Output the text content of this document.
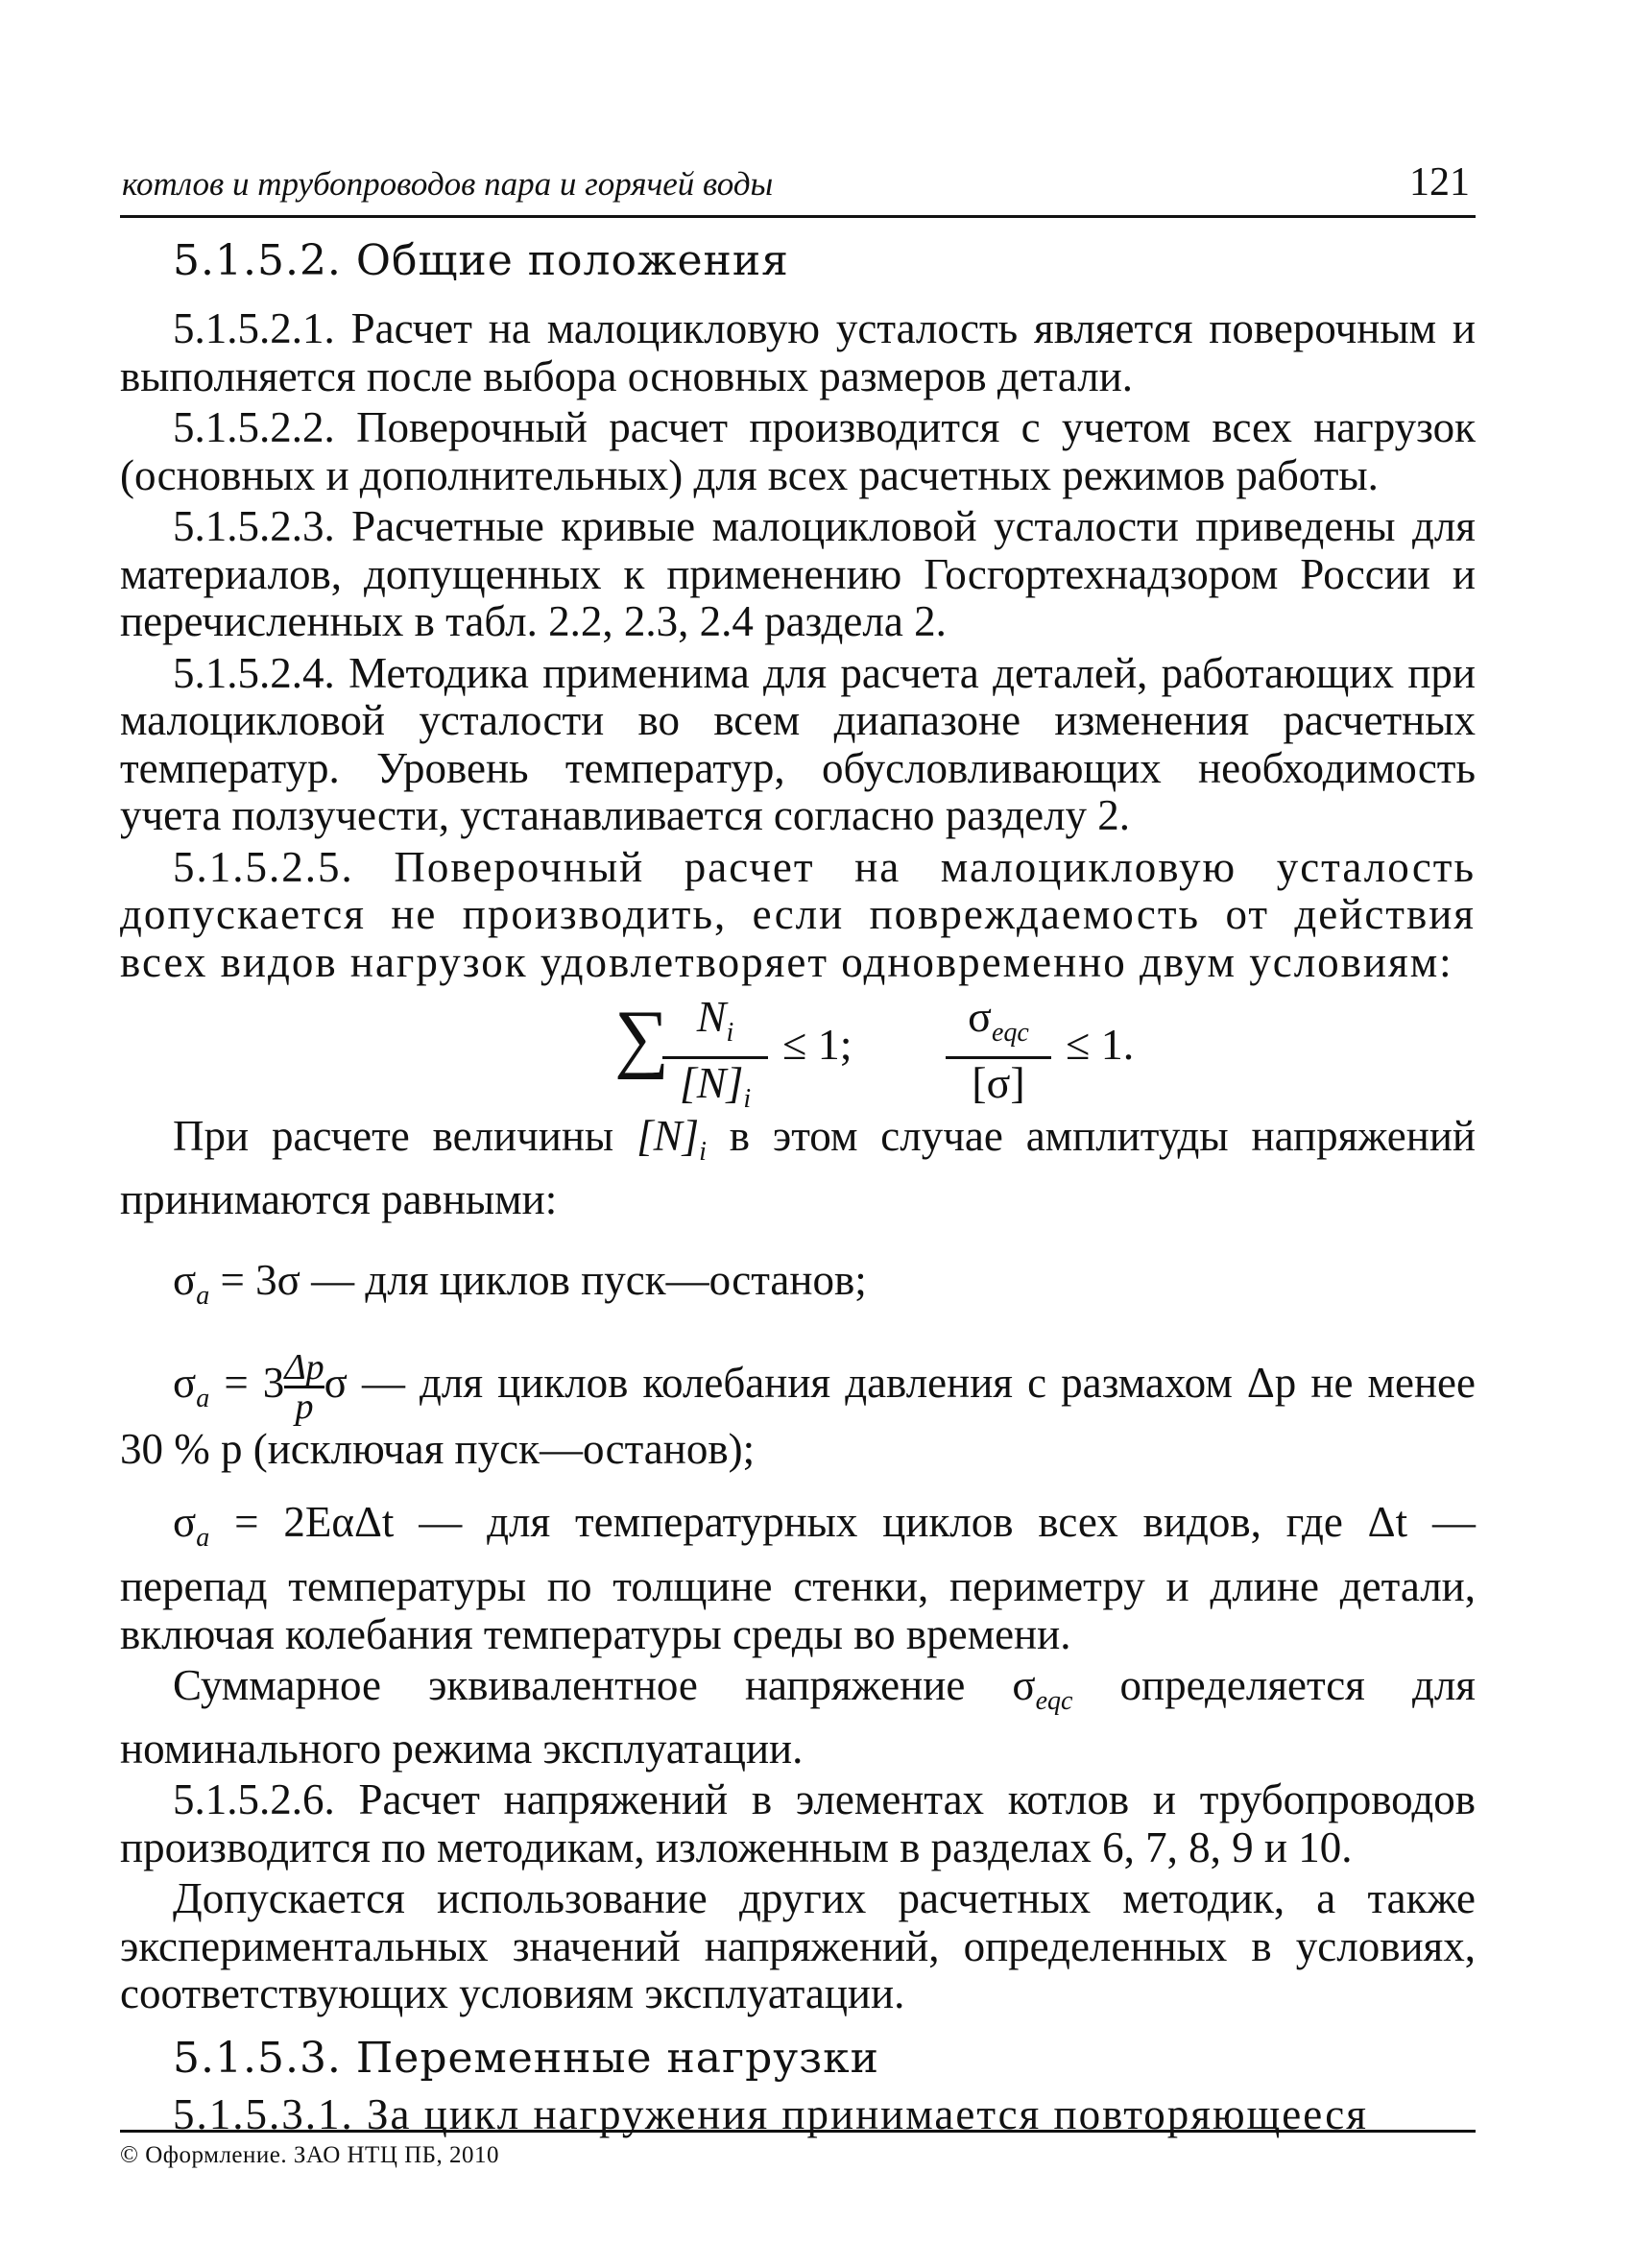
котлов и трубопроводов пара и горячей воды	121
5.1.5.2. Общие положения

5.1.5.2.1. Расчет на малоцикловую усталость является поверочным и выполняется после выбора основных размеров детали.

5.1.5.2.2. Поверочный расчет производится с учетом всех нагрузок (основных и дополнительных) для всех расчетных режимов работы.

5.1.5.2.3. Расчетные кривые малоцикловой усталости приведены для материалов, допущенных к применению Госгортехнадзором России и перечисленных в табл. 2.2, 2.3, 2.4 раздела 2.

5.1.5.2.4. Методика применима для расчета деталей, работающих при малоцикловой усталости во всем диапазоне изменения расчетных температур. Уровень температур, обусловливающих необходимость учета ползучести, устанавливается согласно разделу 2.

5.1.5.2.5. Поверочный расчет на малоцикловую усталость допускается не производить, если повреждаемость от действия всех видов нагрузок удовлетворяет одновременно двум условиям:

∑
$\frac{N_i}{[N]_i} \le 1$;
$\sigma_{eqc}$
[σ]
≤ 1.

При расчете величины $[N]_i$ в этом случае амплитуды напряжений принимаются равными:

$\sigma_a = 3\sigma$ — для циклов пуск—останов;

$\sigma_a = 3 \frac{\Delta p}{p}$ σ — для циклов колебания давления с размахом Δp не менее 30 % p (исключая пуск—останов);

$\sigma_a = 2E\alpha\Delta t$ — для температурных циклов всех видов, где Δt — перепад температуры по толщине стенки, периметру и длине детали, включая колебания температуры среды во времени.

Суммарное эквивалентное напряжение $\sigma_{eqc}$ определяется для номинального режима эксплуатации.

5.1.5.2.6. Расчет напряжений в элементах котлов и трубопроводов производится по методикам, изложенным в разделах 6, 7, 8, 9 и 10.

Допускается использование других расчетных методик, а также экспериментальных значений напряжений, определенных в условиях, соответствующих условиям эксплуатации.

5.1.5.3. Переменные нагрузки

5.1.5.3.1. За цикл нагружения принимается повторяющееся

© Оформление. ЗАО НТЦ ПБ, 2010
